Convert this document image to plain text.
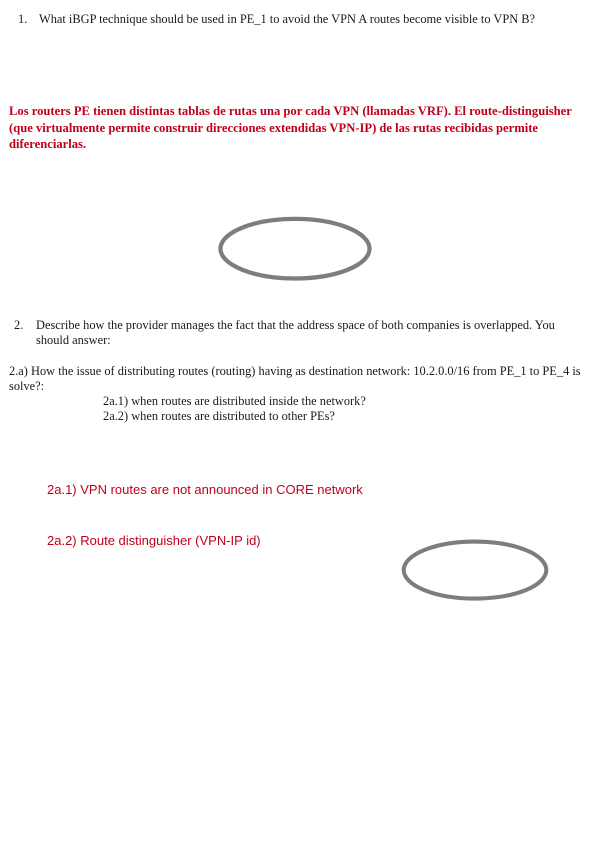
1. What iBGP technique should be used in PE_1 to avoid the VPN A routes become visible to VPN B?
Los routers PE tienen distintas tablas de rutas una por cada VPN (llamadas VRF). El route-distinguisher (que virtualmente permite construir direcciones extendidas VPN-IP) de las rutas recibidas permite diferenciarlas.
2. Describe how the provider manages the fact that the address space of both companies is overlapped. You should answer:
2.a) How the issue of distributing routes (routing) having as destination network: 10.2.0.0/16 from PE_1 to PE_4 is solve?:
2a.1) when routes are distributed inside the network?
2a.2) when routes are distributed to other PEs?
2a.1) VPN routes are not announced in CORE network
2a.2) Route distinguisher (VPN-IP id)
